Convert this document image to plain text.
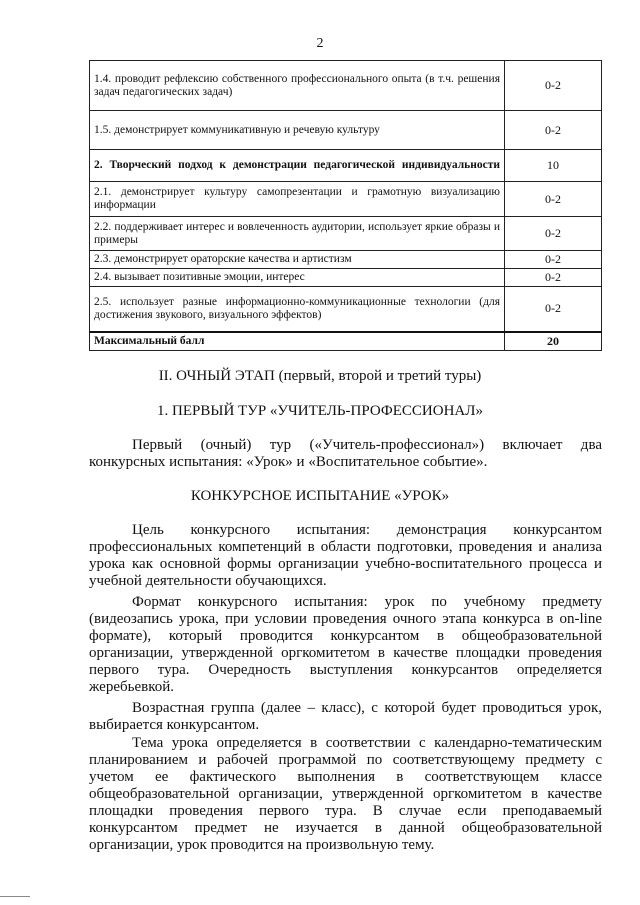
2
1.4. проводит рефлексию собственного профессионального опыта (в т.ч. решения задач педагогических задач)	0-2
1.5. демонстрирует коммуникативную и речевую культуру	0-2
2. Творческий подход к демонстрации педагогической индивидуальности	10
2.1. демонстрирует культуру самопрезентации и грамотную визуализацию информации	0-2
2.2. поддерживает интерес и вовлеченность аудитории, использует яркие образы и примеры	0-2
2.3. демонстрирует ораторские качества и артистизм	0-2
2.4. вызывает позитивные эмоции, интерес	0-2
2.5. использует разные информационно-коммуникационные технологии (для достижения звукового, визуального эффектов)	0-2
Максимальный балл	20
II. ОЧНЫЙ ЭТАП (первый, второй и третий туры)
1. ПЕРВЫЙ ТУР «УЧИТЕЛЬ-ПРОФЕССИОНАЛ»

Первый (очный) тур («Учитель-профессионал») включает два конкурсных испытания: «Урок» и «Воспитательное событие».

КОНКУРСНОЕ ИСПЫТАНИЕ «УРОК»

Цель конкурсного испытания: демонстрация конкурсантом профессиональных компетенций в области подготовки, проведения и анализа урока как основной формы организации учебно-воспитательного процесса и учебной деятельности обучающихся.

Формат конкурсного испытания: урок по учебному предмету (видеозапись урока, при условии проведения очного этапа конкурса в on-line формате), который проводится конкурсантом в общеобразовательной организации, утвержденной оргкомитетом в качестве площадки проведения первого тура. Очередность выступления конкурсантов определяется жеребьевкой.

Возрастная группа (далее – класс), с которой будет проводиться урок, выбирается конкурсантом.

Тема урока определяется в соответствии с календарно-тематическим планированием и рабочей программой по соответствующему предмету с учетом ее фактического выполнения в соответствующем классе общеобразовательной организации, утвержденной оргкомитетом в качестве площадки проведения первого тура. В случае если преподаваемый конкурсантом предмет не изучается в данной общеобразовательной организации, урок проводится на произвольную тему.
